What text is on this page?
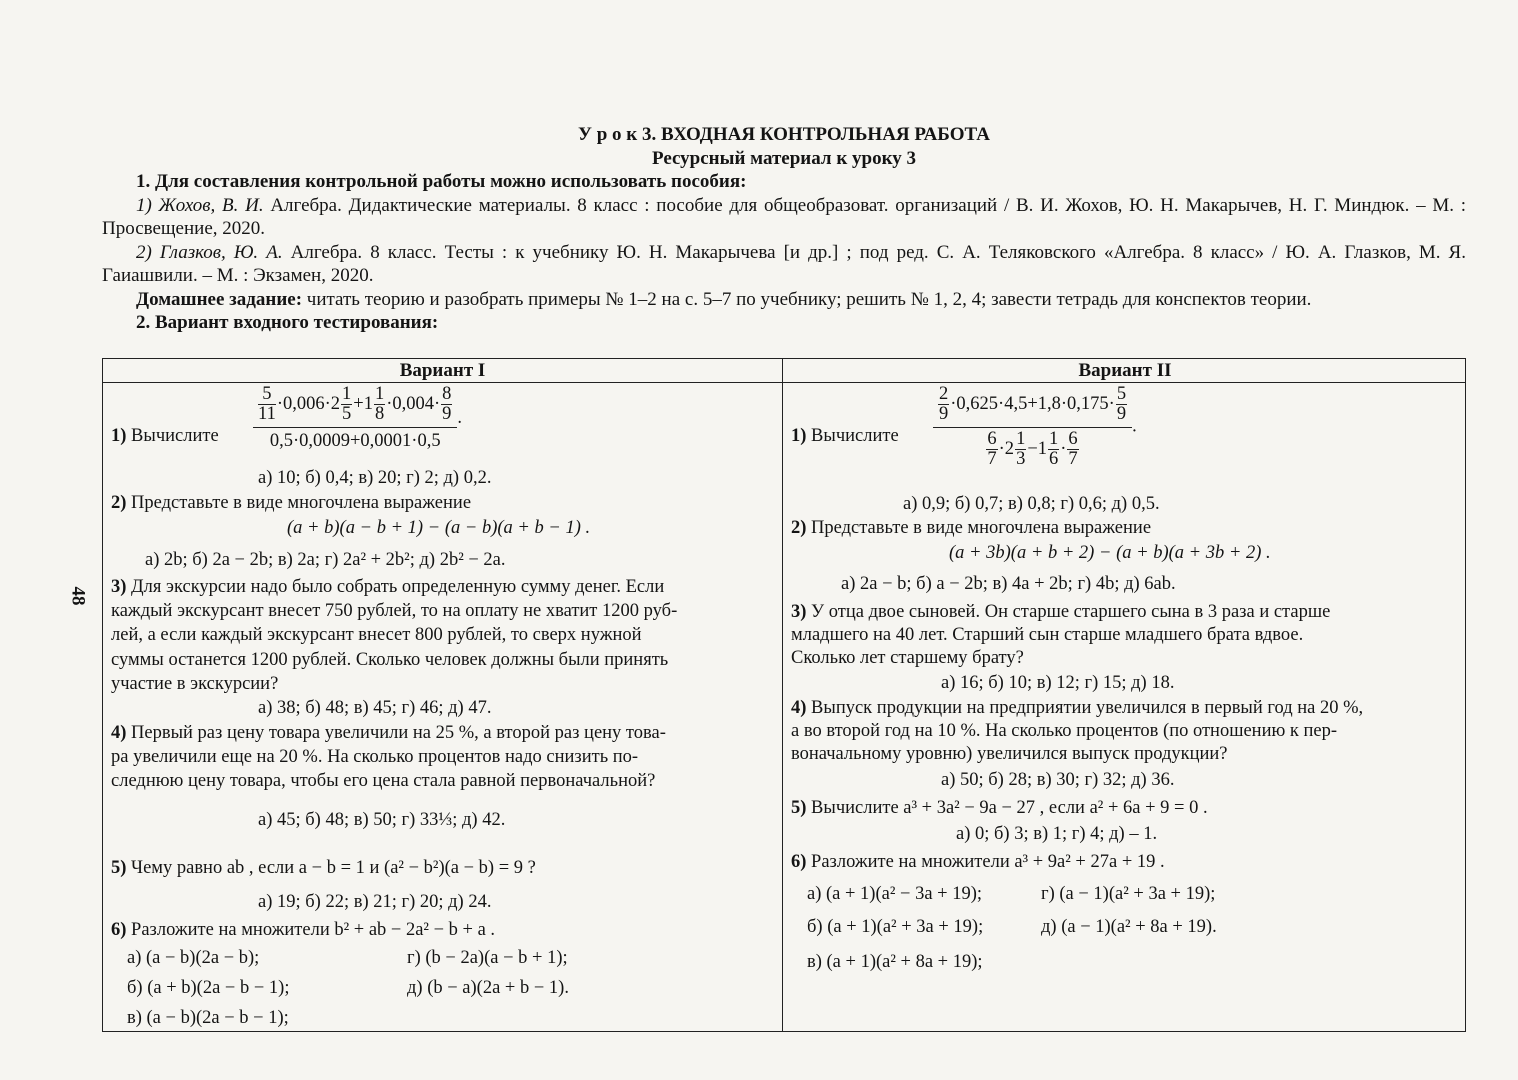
48

У р о к 3. ВХОДНАЯ КОНТРОЛЬНАЯ РАБОТА

Ресурсный материал к уроку 3

1. Для составления контрольной работы можно использовать пособия:

1) Жохов, В. И. Алгебра. Дидактические материалы. 8 класс : пособие для общеобразоват. организаций / В. И. Жохов, Ю. Н. Макарычев, Н. Г. Миндюк. – М. : Просвещение, 2020.

2) Глазков, Ю. А. Алгебра. 8 класс. Тесты : к учебнику Ю. Н. Макарычева [и др.] ; под ред. С. А. Теляковского «Алгебра. 8 класс» / Ю. А. Глазков, М. Я. Гаиашвили. – М. : Экзамен, 2020.

Домашнее задание: читать теорию и разобрать примеры № 1–2 на с. 5–7 по учебнику; решить № 1, 2, 4; завести тетрадь для конспектов теории.

2. Вариант входного тестирования:

Вариант I
1) Вычислите $\frac{\frac{5}{11} \cdot 0,006\cdot 2 \frac{1}{5} +1 \frac{1}{8} \cdot 0,004\cdot \frac{8}{9}}{0,5\cdot 0,0009+0,0001\cdot 0,5}$ .
а) 10; б) 0,4; в) 20; г) 2; д) 0,2.
2) Представьте в виде многочлена выражение
(a + b)(a − b + 1) − (a − b)(a + b − 1) .
а) 2b; б) 2a − 2b; в) 2a; г) 2a² + 2b²; д) 2b² − 2a.
3) Для экскурсии надо было собрать определенную сумму денег. Если
каждый экскурсант внесет 750 рублей, то на оплату не хватит 1200 руб-
лей, а если каждый экскурсант внесет 800 рублей, то сверх нужной
суммы останется 1200 рублей. Сколько человек должны были принять
участие в экскурсии?
а) 38; б) 48; в) 45; г) 46; д) 47.
4) Первый раз цену товара увеличили на 25 %, а второй раз цену това-
ра увеличили еще на 20 %. На сколько процентов надо снизить по-
следнюю цену товара, чтобы его цена стала равной первоначальной?
а) 45; б) 48; в) 50; г) 33⅓; д) 42.
5) Чему равно ab , если a − b = 1 и (a² − b²)(a − b) = 9 ?
а) 19; б) 22; в) 21; г) 20; д) 24.
6) Разложите на множители b² + ab − 2a² − b + a .
а) (a − b)(2a − b);	г) (b − 2a)(a − b + 1);
б) (a + b)(2a − b − 1);	д) (b − a)(2a + b − 1).
в) (a − b)(2a − b − 1);
Вариант II
1) Вычислите $\frac{\frac{2}{9} \cdot 0,625\cdot 4,5+1,8\cdot 0,175\cdot \frac{5}{9}}{\frac{6}{7} \cdot 2 \frac{1}{3} -1 \frac{1}{6} \cdot \frac{6}{7}}$ .
а) 0,9; б) 0,7; в) 0,8; г) 0,6; д) 0,5.
2) Представьте в виде многочлена выражение
(a + 3b)(a + b + 2) − (a + b)(a + 3b + 2) .
а) 2a − b; б) a − 2b; в) 4a + 2b; г) 4b; д) 6ab.
3) У отца двое сыновей. Он старше старшего сына в 3 раза и старше
младшего на 40 лет. Старший сын старше младшего брата вдвое.
Сколько лет старшему брату?
а) 16; б) 10; в) 12; г) 15; д) 18.
4) Выпуск продукции на предприятии увеличился в первый год на 20 %,
а во второй год на 10 %. На сколько процентов (по отношению к пер-
воначальному уровню) увеличился выпуск продукции?
а) 50; б) 28; в) 30; г) 32; д) 36.
5) Вычислите a³ + 3a² − 9a − 27 , если a² + 6a + 9 = 0 .
а) 0; б) 3; в) 1; г) 4; д) – 1.
6) Разложите на множители a³ + 9a² + 27a + 19 .
а) (a + 1)(a² − 3a + 19);	г) (a − 1)(a² + 3a + 19);
б) (a + 1)(a² + 3a + 19);	д) (a − 1)(a² + 8a + 19).
в) (a + 1)(a² + 8a + 19);
